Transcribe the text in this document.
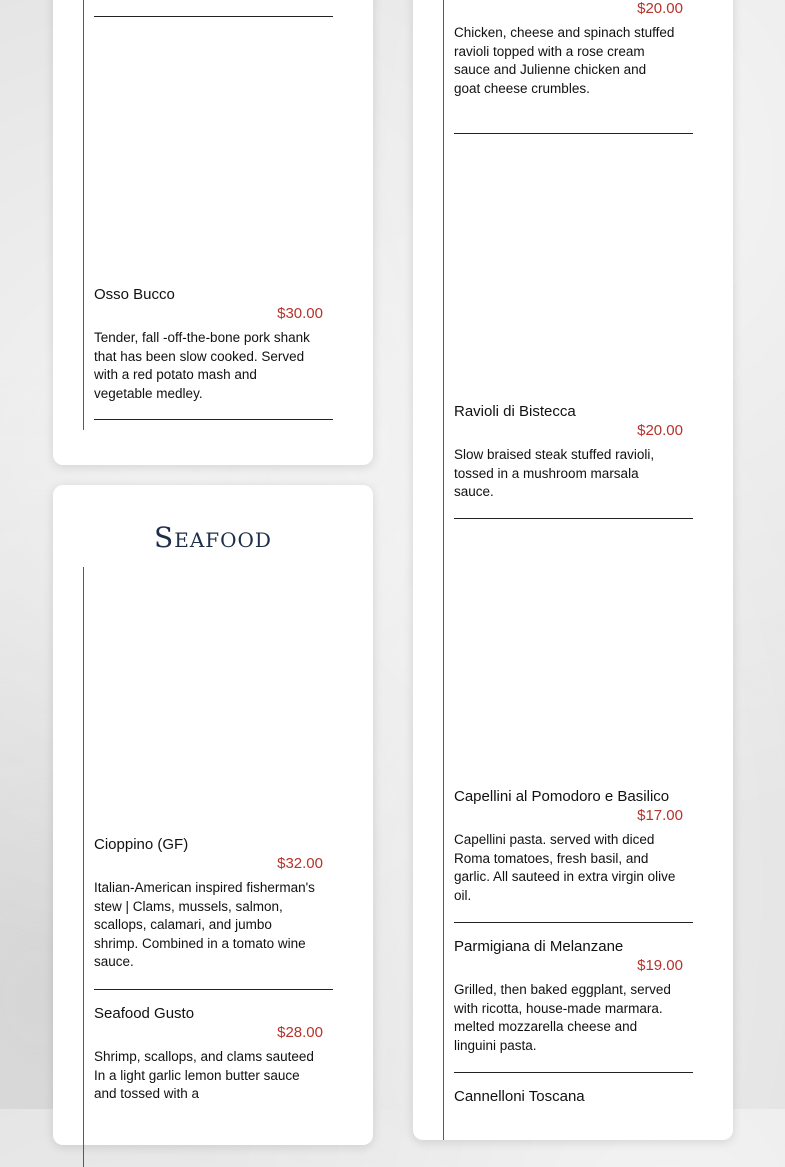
Osso Bucco
$30.00
Tender, fall -off-the-bone pork shank that has been slow cooked. Served with a red potato mash and vegetable medley.
Seafood
Cioppino (GF)
$32.00
Italian-American inspired fisherman's stew | Clams, mussels, salmon, scallops, calamari, and jumbo shrimp. Combined in a tomato wine sauce.
Seafood Gusto
$28.00
Shrimp, scallops, and clams sauteed In a light garlic lemon butter sauce and tossed with a
$20.00
Chicken, cheese and spinach stuffed ravioli topped with a rose cream sauce and Julienne chicken and goat cheese crumbles.
Ravioli di Bistecca
$20.00
Slow braised steak stuffed ravioli, tossed in a mushroom marsala sauce.
Capellini al Pomodoro e Basilico
$17.00
Capellini pasta. served with diced Roma tomatoes, fresh basil, and garlic. All sauteed in extra virgin olive oil.
Parmigiana di Melanzane
$19.00
Grilled, then baked eggplant, served with ricotta, house-made marmara. melted mozzarella cheese and linguini pasta.
Cannelloni Toscana
